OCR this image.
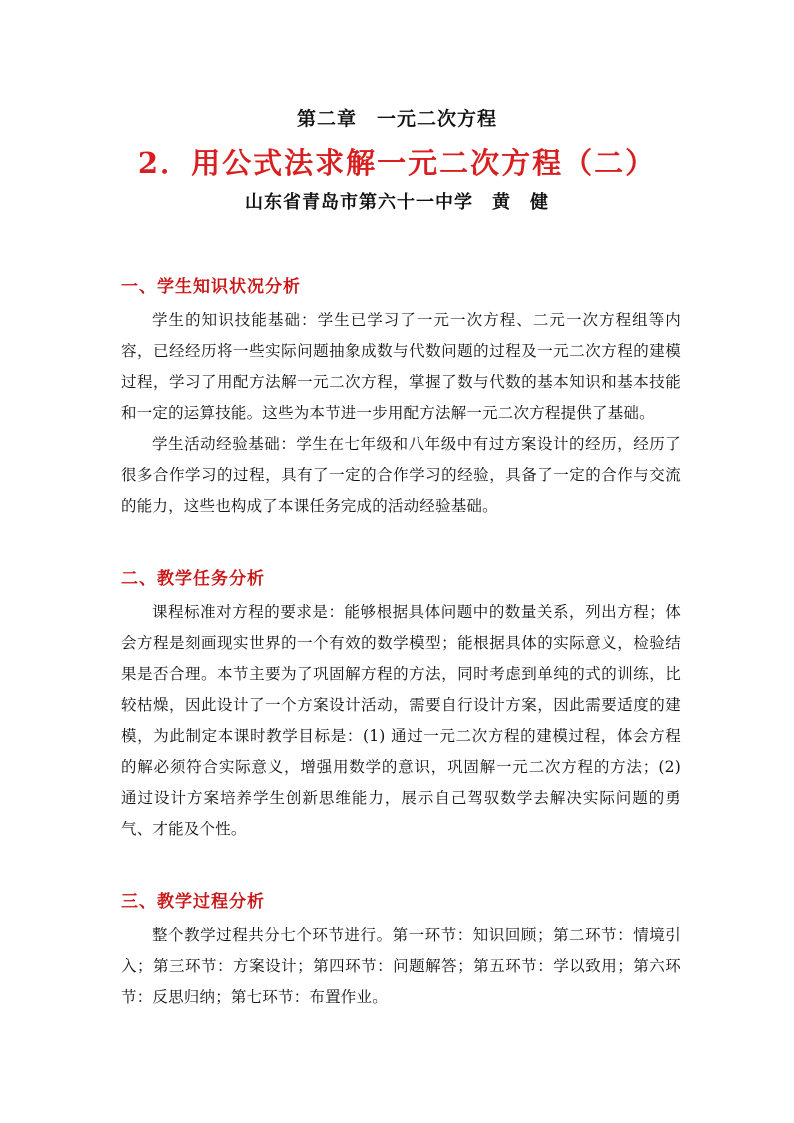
第二章　一元二次方程
2．用公式法求解一元二次方程（二）
山东省青岛市第六十一中学　黄　健
一、学生知识状况分析

学生的知识技能基础：学生已学习了一元一次方程、二元一次方程组等内容，已经经历将一些实际问题抽象成数与代数问题的过程及一元二次方程的建模过程，学习了用配方法解一元二次方程，掌握了数与代数的基本知识和基本技能和一定的运算技能。这些为本节进一步用配方法解一元二次方程提供了基础。

学生活动经验基础：学生在七年级和八年级中有过方案设计的经历，经历了很多合作学习的过程，具有了一定的合作学习的经验，具备了一定的合作与交流的能力，这些也构成了本课任务完成的活动经验基础。

二、教学任务分析

课程标准对方程的要求是：能够根据具体问题中的数量关系，列出方程；体会方程是刻画现实世界的一个有效的数学模型；能根据具体的实际意义，检验结果是否合理。本节主要为了巩固解方程的方法，同时考虑到单纯的式的训练，比较枯燥，因此设计了一个方案设计活动，需要自行设计方案，因此需要适度的建模，为此制定本课时教学目标是：(1) 通过一元二次方程的建模过程，体会方程的解必须符合实际意义，增强用数学的意识，巩固解一元二次方程的方法；(2) 通过设计方案培养学生创新思维能力，展示自己驾驭数学去解决实际问题的勇气、才能及个性。

三、教学过程分析

整个教学过程共分七个环节进行。第一环节：知识回顾；第二环节：情境引入；第三环节：方案设计；第四环节：问题解答；第五环节：学以致用；第六环节：反思归纳；第七环节：布置作业。
